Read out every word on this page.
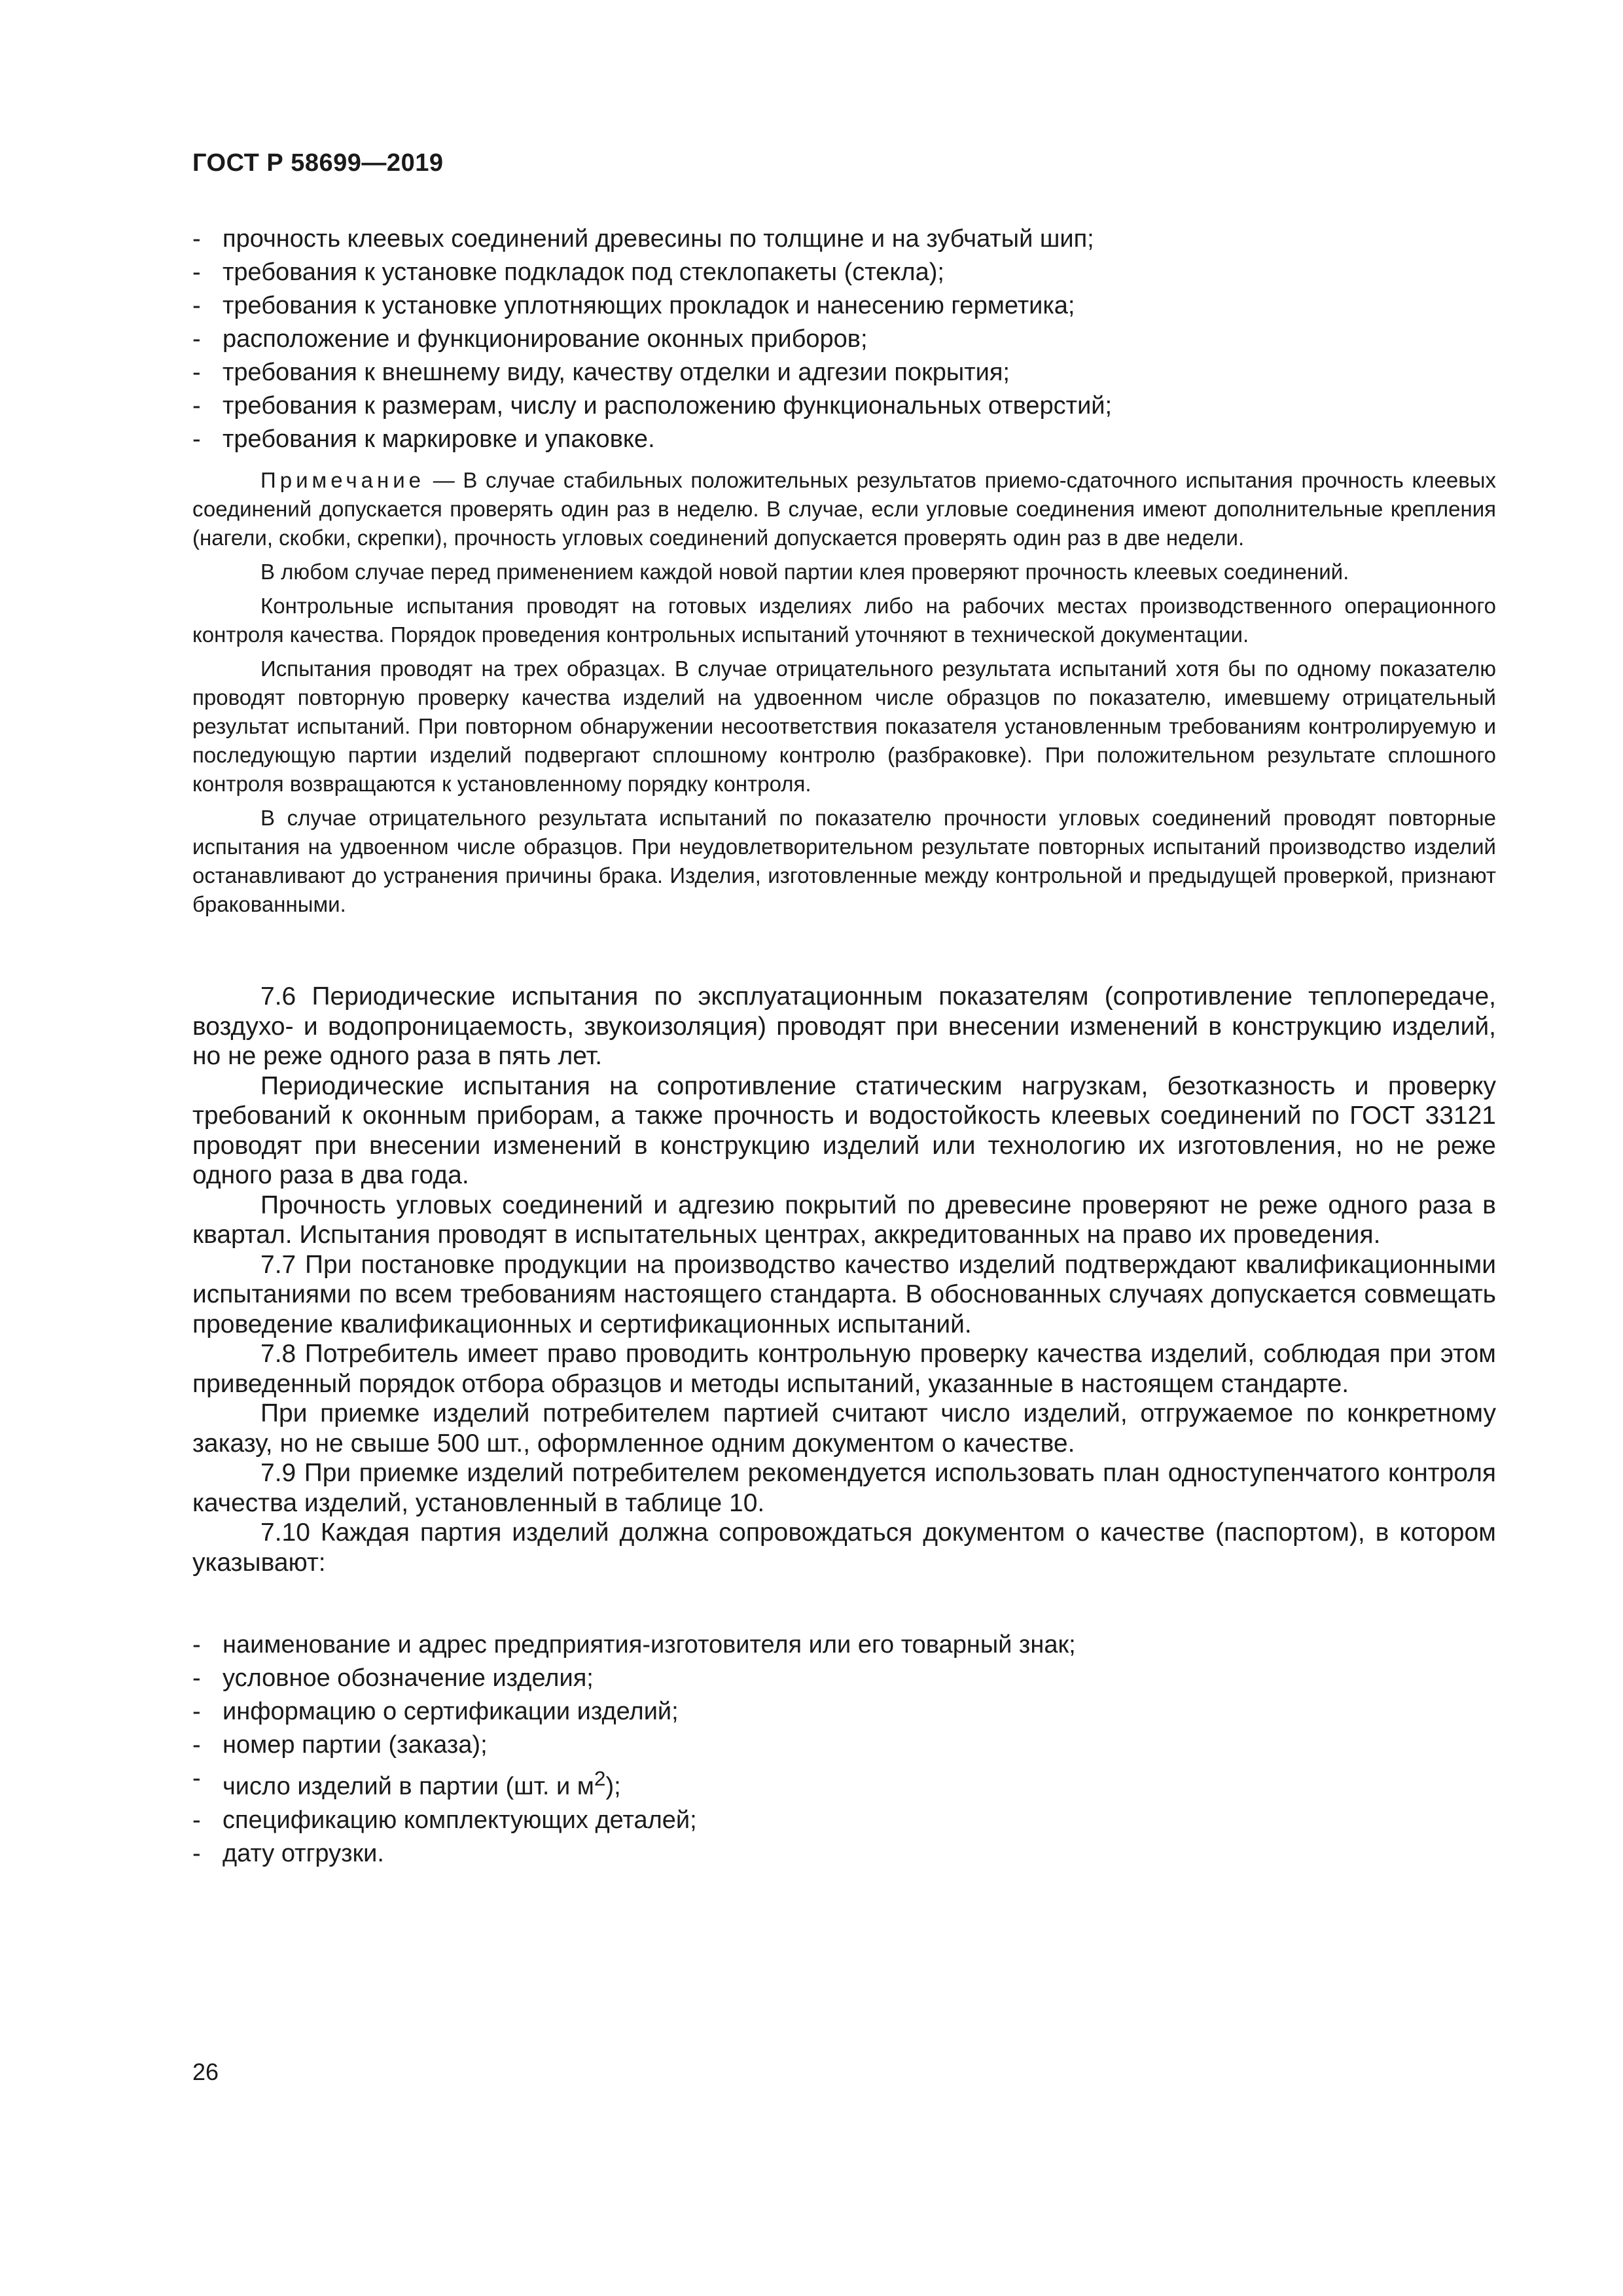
ГОСТ Р 58699—2019
- прочность клеевых соединений древесины по толщине и на зубчатый шип;
- требования к установке подкладок под стеклопакеты (стекла);
- требования к установке уплотняющих прокладок и нанесению герметика;
- расположение и функционирование оконных приборов;
- требования к внешнему виду, качеству отделки и адгезии покрытия;
- требования к размерам, числу и расположению функциональных отверстий;
- требования к маркировке и упаковке.

Примечание — В случае стабильных положительных результатов приемо-сдаточного испытания прочность клеевых соединений допускается проверять один раз в неделю. В случае, если угловые соединения имеют дополнительные крепления (нагели, скобки, скрепки), прочность угловых соединений допускается проверять один раз в две недели.

В любом случае перед применением каждой новой партии клея проверяют прочность клеевых соединений.

Контрольные испытания проводят на готовых изделиях либо на рабочих местах производственного операционного контроля качества. Порядок проведения контрольных испытаний уточняют в технической документации.

Испытания проводят на трех образцах. В случае отрицательного результата испытаний хотя бы по одному показателю проводят повторную проверку качества изделий на удвоенном числе образцов по показателю, имевшему отрицательный результат испытаний. При повторном обнаружении несоответствия показателя установленным требованиям контролируемую и последующую партии изделий подвергают сплошному контролю (разбраковке). При положительном результате сплошного контроля возвращаются к установленному порядку контроля.

В случае отрицательного результата испытаний по показателю прочности угловых соединений проводят повторные испытания на удвоенном числе образцов. При неудовлетворительном результате повторных испытаний производство изделий останавливают до устранения причины брака. Изделия, изготовленные между контрольной и предыдущей проверкой, признают бракованными.

7.6 Периодические испытания по эксплуатационным показателям (сопротивление теплопередаче, воздухо- и водопроницаемость, звукоизоляция) проводят при внесении изменений в конструкцию изделий, но не реже одного раза в пять лет.

Периодические испытания на сопротивление статическим нагрузкам, безотказность и проверку требований к оконным приборам, а также прочность и водостойкость клеевых соединений по ГОСТ 33121 проводят при внесении изменений в конструкцию изделий или технологию их изготовления, но не реже одного раза в два года.

Прочность угловых соединений и адгезию покрытий по древесине проверяют не реже одного раза в квартал. Испытания проводят в испытательных центрах, аккредитованных на право их проведения.

7.7 При постановке продукции на производство качество изделий подтверждают квалификационными испытаниями по всем требованиям настоящего стандарта. В обоснованных случаях допускается совмещать проведение квалификационных и сертификационных испытаний.

7.8 Потребитель имеет право проводить контрольную проверку качества изделий, соблюдая при этом приведенный порядок отбора образцов и методы испытаний, указанные в настоящем стандарте.

При приемке изделий потребителем партией считают число изделий, отгружаемое по конкретному заказу, но не свыше 500 шт., оформленное одним документом о качестве.

7.9 При приемке изделий потребителем рекомендуется использовать план одноступенчатого контроля качества изделий, установленный в таблице 10.

7.10 Каждая партия изделий должна сопровождаться документом о качестве (паспортом), в котором указывают:

- наименование и адрес предприятия-изготовителя или его товарный знак;
- условное обозначение изделия;
- информацию о сертификации изделий;
- номер партии (заказа);
- число изделий в партии (шт. и $м^2$);
- спецификацию комплектующих деталей;
- дату отгрузки.
26
